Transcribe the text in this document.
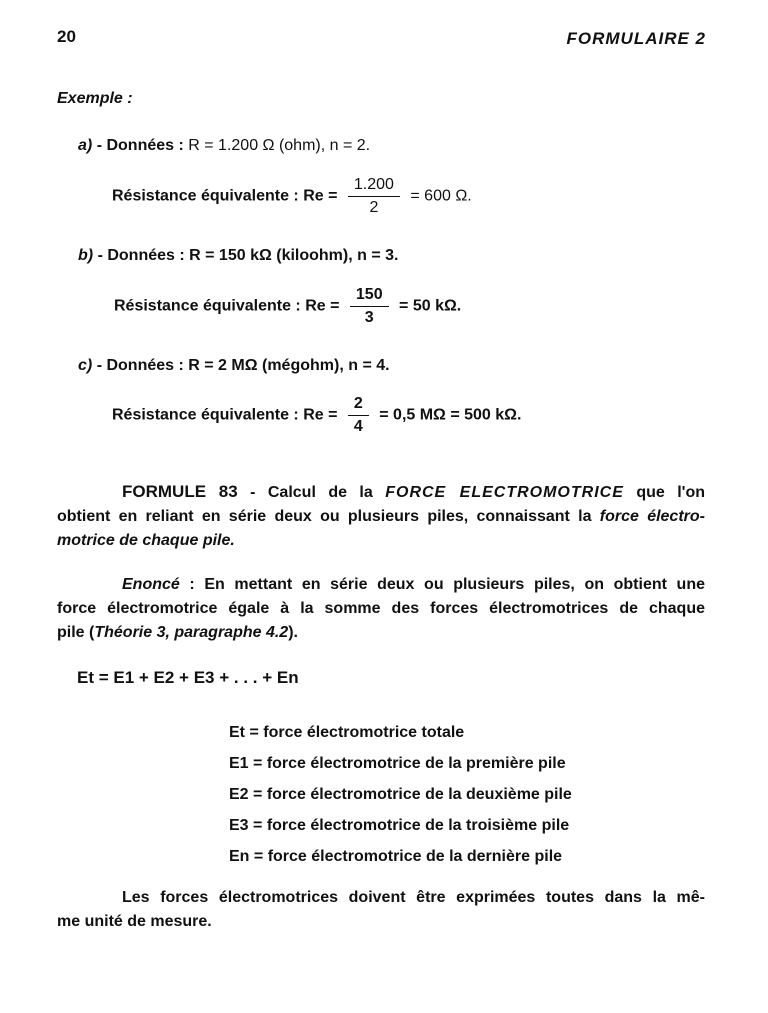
20	FORMULAIRE 2
Exemple :
a) - Données : R = 1.200 Ω (ohm), n = 2.
Résistance équivalente : $Re = \frac{1.200}{2} = 600$ Ω.
b) - Données : R = 150 kΩ (kiloohm), n = 3.
Résistance équivalente : $Re = \frac{150}{3} = 50$ kΩ.
c) - Données : R = 2 MΩ (mégohm), n = 4.
Résistance équivalente : $Re = \frac{2}{4} = 0,5$ MΩ = 500 kΩ.
FORMULE 83 - Calcul de la FORCE ELECTROMOTRICE que l'on
obtient en reliant en série deux ou plusieurs piles, connaissant la force électro-
motrice de chaque pile.
Enoncé : En mettant en série deux ou plusieurs piles, on obtient une
force électromotrice égale à la somme des forces électromotrices de chaque
pile (Théorie 3, paragraphe 4.2).
Et = E1 + E2 + E3 + . . . + En
Et = force électromotrice totale
E1 = force électromotrice de la première pile
E2 = force électromotrice de la deuxième pile
E3 = force électromotrice de la troisième pile
En = force électromotrice de la dernière pile
Les forces électromotrices doivent être exprimées toutes dans la mê-
me unité de mesure.
